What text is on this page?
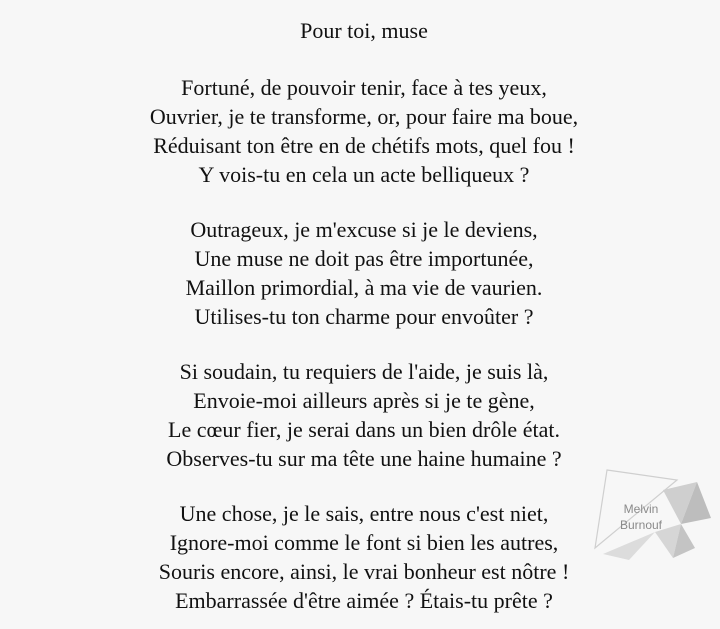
Pour toi, muse
Fortuné, de pouvoir tenir, face à tes yeux,
Ouvrier, je te transforme, or, pour faire ma boue,
Réduisant ton être en de chétifs mots, quel fou !
Y vois-tu en cela un acte belliqueux ?
Outrageux, je m'excuse si je le deviens,
Une muse ne doit pas être importunée,
Maillon primordial, à ma vie de vaurien.
Utilises-tu ton charme pour envoûter ?
Si soudain, tu requiers de l'aide, je suis là,
Envoie-moi ailleurs après si je te gène,
Le cœur fier, je serai dans un bien drôle état.
Observes-tu sur ma tête une haine humaine ?
Une chose, je le sais, entre nous c'est niet,
Ignore-moi comme le font si bien les autres,
Souris encore, ainsi, le vrai bonheur est nôtre !
Embarrassée d'être aimée ? Étais-tu prête ?
Melvin
Burnouf
